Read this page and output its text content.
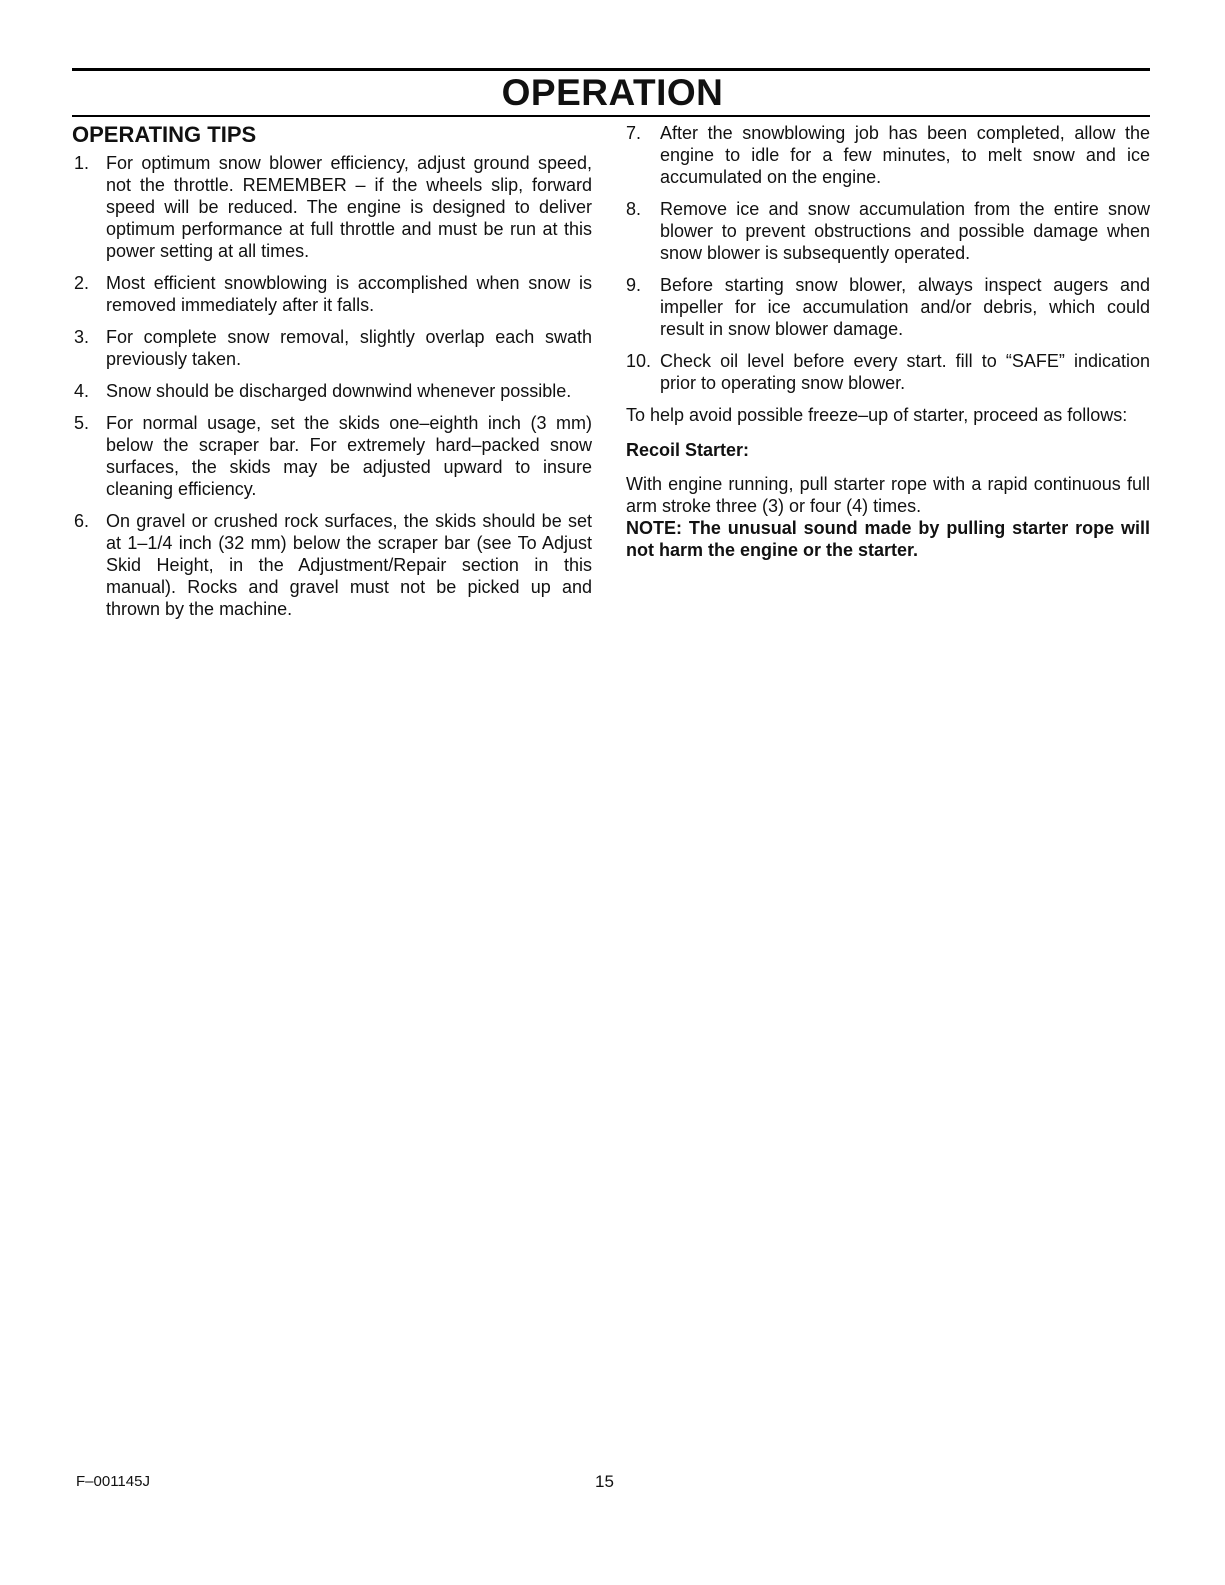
OPERATION
OPERATING TIPS
1. For optimum snow blower efficiency, adjust ground speed, not the throttle. REMEMBER – if the wheels slip, forward speed will be reduced. The engine is designed to deliver optimum performance at full throttle and must be run at this power setting at all times.
2. Most efficient snowblowing is accomplished when snow is removed immediately after it falls.
3. For complete snow removal, slightly overlap each swath previously taken.
4. Snow should be discharged downwind whenever possible.
5. For normal usage, set the skids one–eighth inch (3 mm) below the scraper bar. For extremely hard–packed snow surfaces, the skids may be adjusted upward to insure cleaning efficiency.
6. On gravel or crushed rock surfaces, the skids should be set at 1–1/4 inch (32 mm) below the scraper bar (see To Adjust Skid Height, in the Adjustment/Repair section in this manual). Rocks and gravel must not be picked up and thrown by the machine.
7. After the snowblowing job has been completed, allow the engine to idle for a few minutes, to melt snow and ice accumulated on the engine.
8. Remove ice and snow accumulation from the entire snow blower to prevent obstructions and possible damage when snow blower is subsequently operated.
9. Before starting snow blower, always inspect augers and impeller for ice accumulation and/or debris, which could result in snow blower damage.
10. Check oil level before every start. fill to “SAFE” indication prior to operating snow blower.

To help avoid possible freeze–up of starter, proceed as follows:

Recoil Starter:

With engine running, pull starter rope with a rapid continuous full arm stroke three (3) or four (4) times.

NOTE: The unusual sound made by pulling starter rope will not harm the engine or the starter.

F–001145J	15
